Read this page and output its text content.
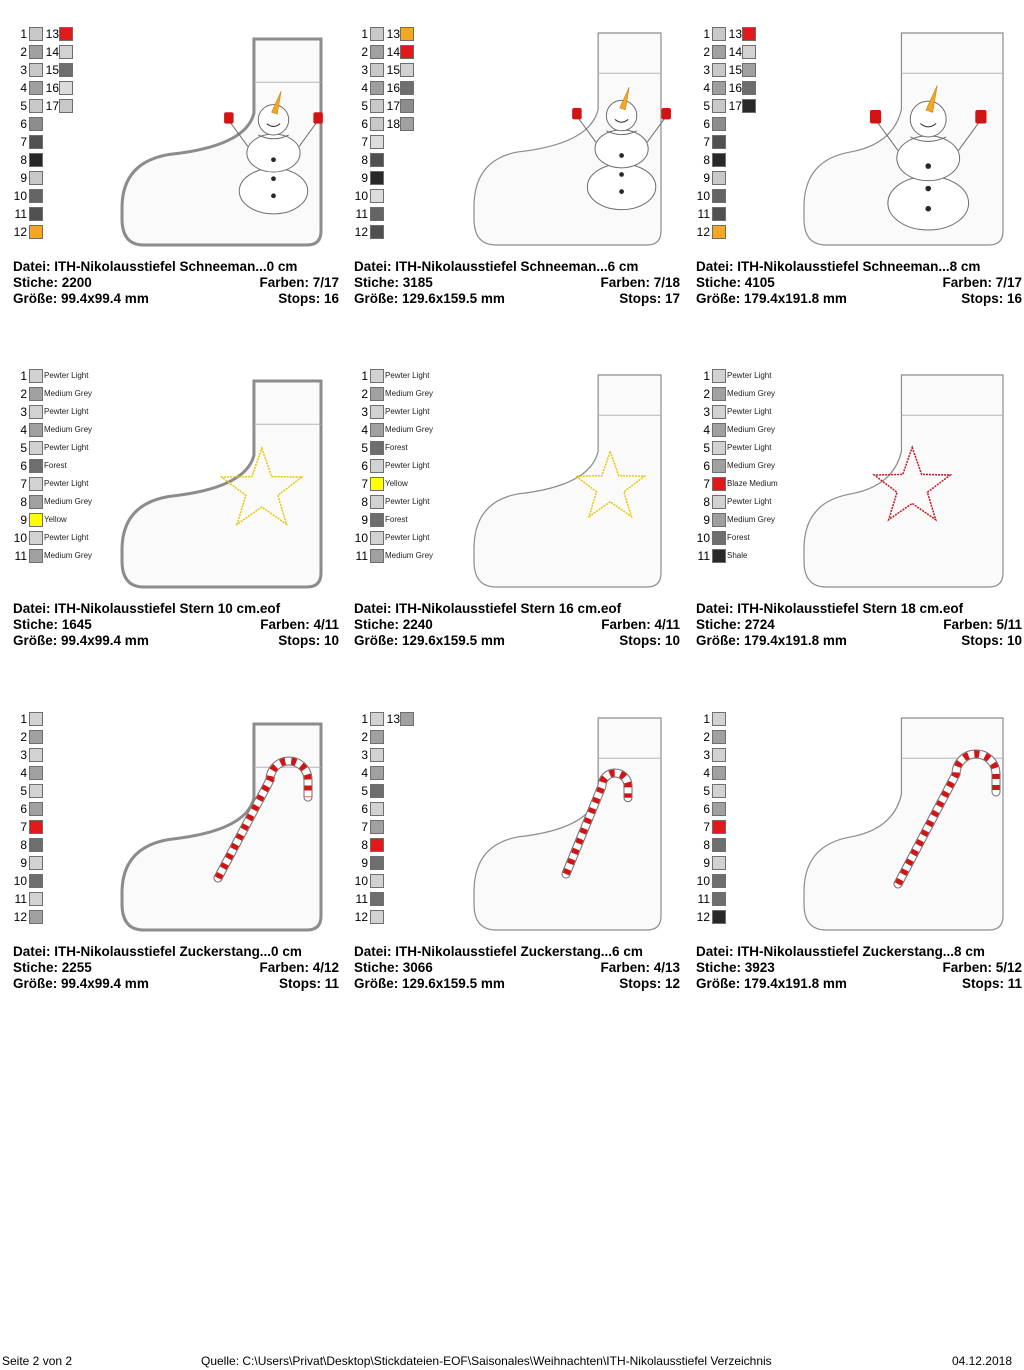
1
2
3
4
5
6
7
8
9
10
11
12
13
14
15
16
17
Datei: ITH-Nikolausstiefel Schneeman...0 cm
Stiche: 2200	Farben: 7/17
Größe: 99.4x99.4 mm	Stops: 16
1
2
3
4
5
6
7
8
9
10
11
12
13
14
15
16
17
18
Datei: ITH-Nikolausstiefel Schneeman...6 cm
Stiche: 3185	Farben: 7/18
Größe: 129.6x159.5 mm	Stops: 17
1
2
3
4
5
6
7
8
9
10
11
12
13
14
15
16
17
Datei: ITH-Nikolausstiefel Schneeman...8 cm
Stiche: 4105	Farben: 7/17
Größe: 179.4x191.8 mm	Stops: 16
1 Pewter Light
2 Medium Grey
3 Pewter Light
4 Medium Grey
5 Pewter Light
6 Forest
7 Pewter Light
8 Medium Grey
9 Yellow
10 Pewter Light
11 Medium Grey
Datei: ITH-Nikolausstiefel Stern 10 cm.eof
Stiche: 1645	Farben: 4/11
Größe: 99.4x99.4 mm	Stops: 10
1 Pewter Light
2 Medium Grey
3 Pewter Light
4 Medium Grey
5 Forest
6 Pewter Light
7 Yellow
8 Pewter Light
9 Forest
10 Pewter Light
11 Medium Grey
Datei: ITH-Nikolausstiefel Stern 16 cm.eof
Stiche: 2240	Farben: 4/11
Größe: 129.6x159.5 mm	Stops: 10
1 Pewter Light
2 Medium Grey
3 Pewter Light
4 Medium Grey
5 Pewter Light
6 Medium Grey
7 Blaze Medium
8 Pewter Light
9 Medium Grey
10 Forest
11 Shale
Datei: ITH-Nikolausstiefel Stern 18 cm.eof
Stiche: 2724	Farben: 5/11
Größe: 179.4x191.8 mm	Stops: 10
1
2
3
4
5
6
7
8
9
10
11
12
Datei: ITH-Nikolausstiefel Zuckerstang...0 cm
Stiche: 2255	Farben: 4/12
Größe: 99.4x99.4 mm	Stops: 11
1
2
3
4
5
6
7
8
9
10
11
12
13
Datei: ITH-Nikolausstiefel Zuckerstang...6 cm
Stiche: 3066	Farben: 4/13
Größe: 129.6x159.5 mm	Stops: 12
1
2
3
4
5
6
7
8
9
10
11
12
Datei: ITH-Nikolausstiefel Zuckerstang...8 cm
Stiche: 3923	Farben: 5/12
Größe: 179.4x191.8 mm	Stops: 11
Seite 2 von 2	Quelle: C:\Users\Privat\Desktop\Stickdateien-EOF\Saisonales\Weihnachten\ITH-Nikolausstiefel Verzeichnis	04.12.2018
